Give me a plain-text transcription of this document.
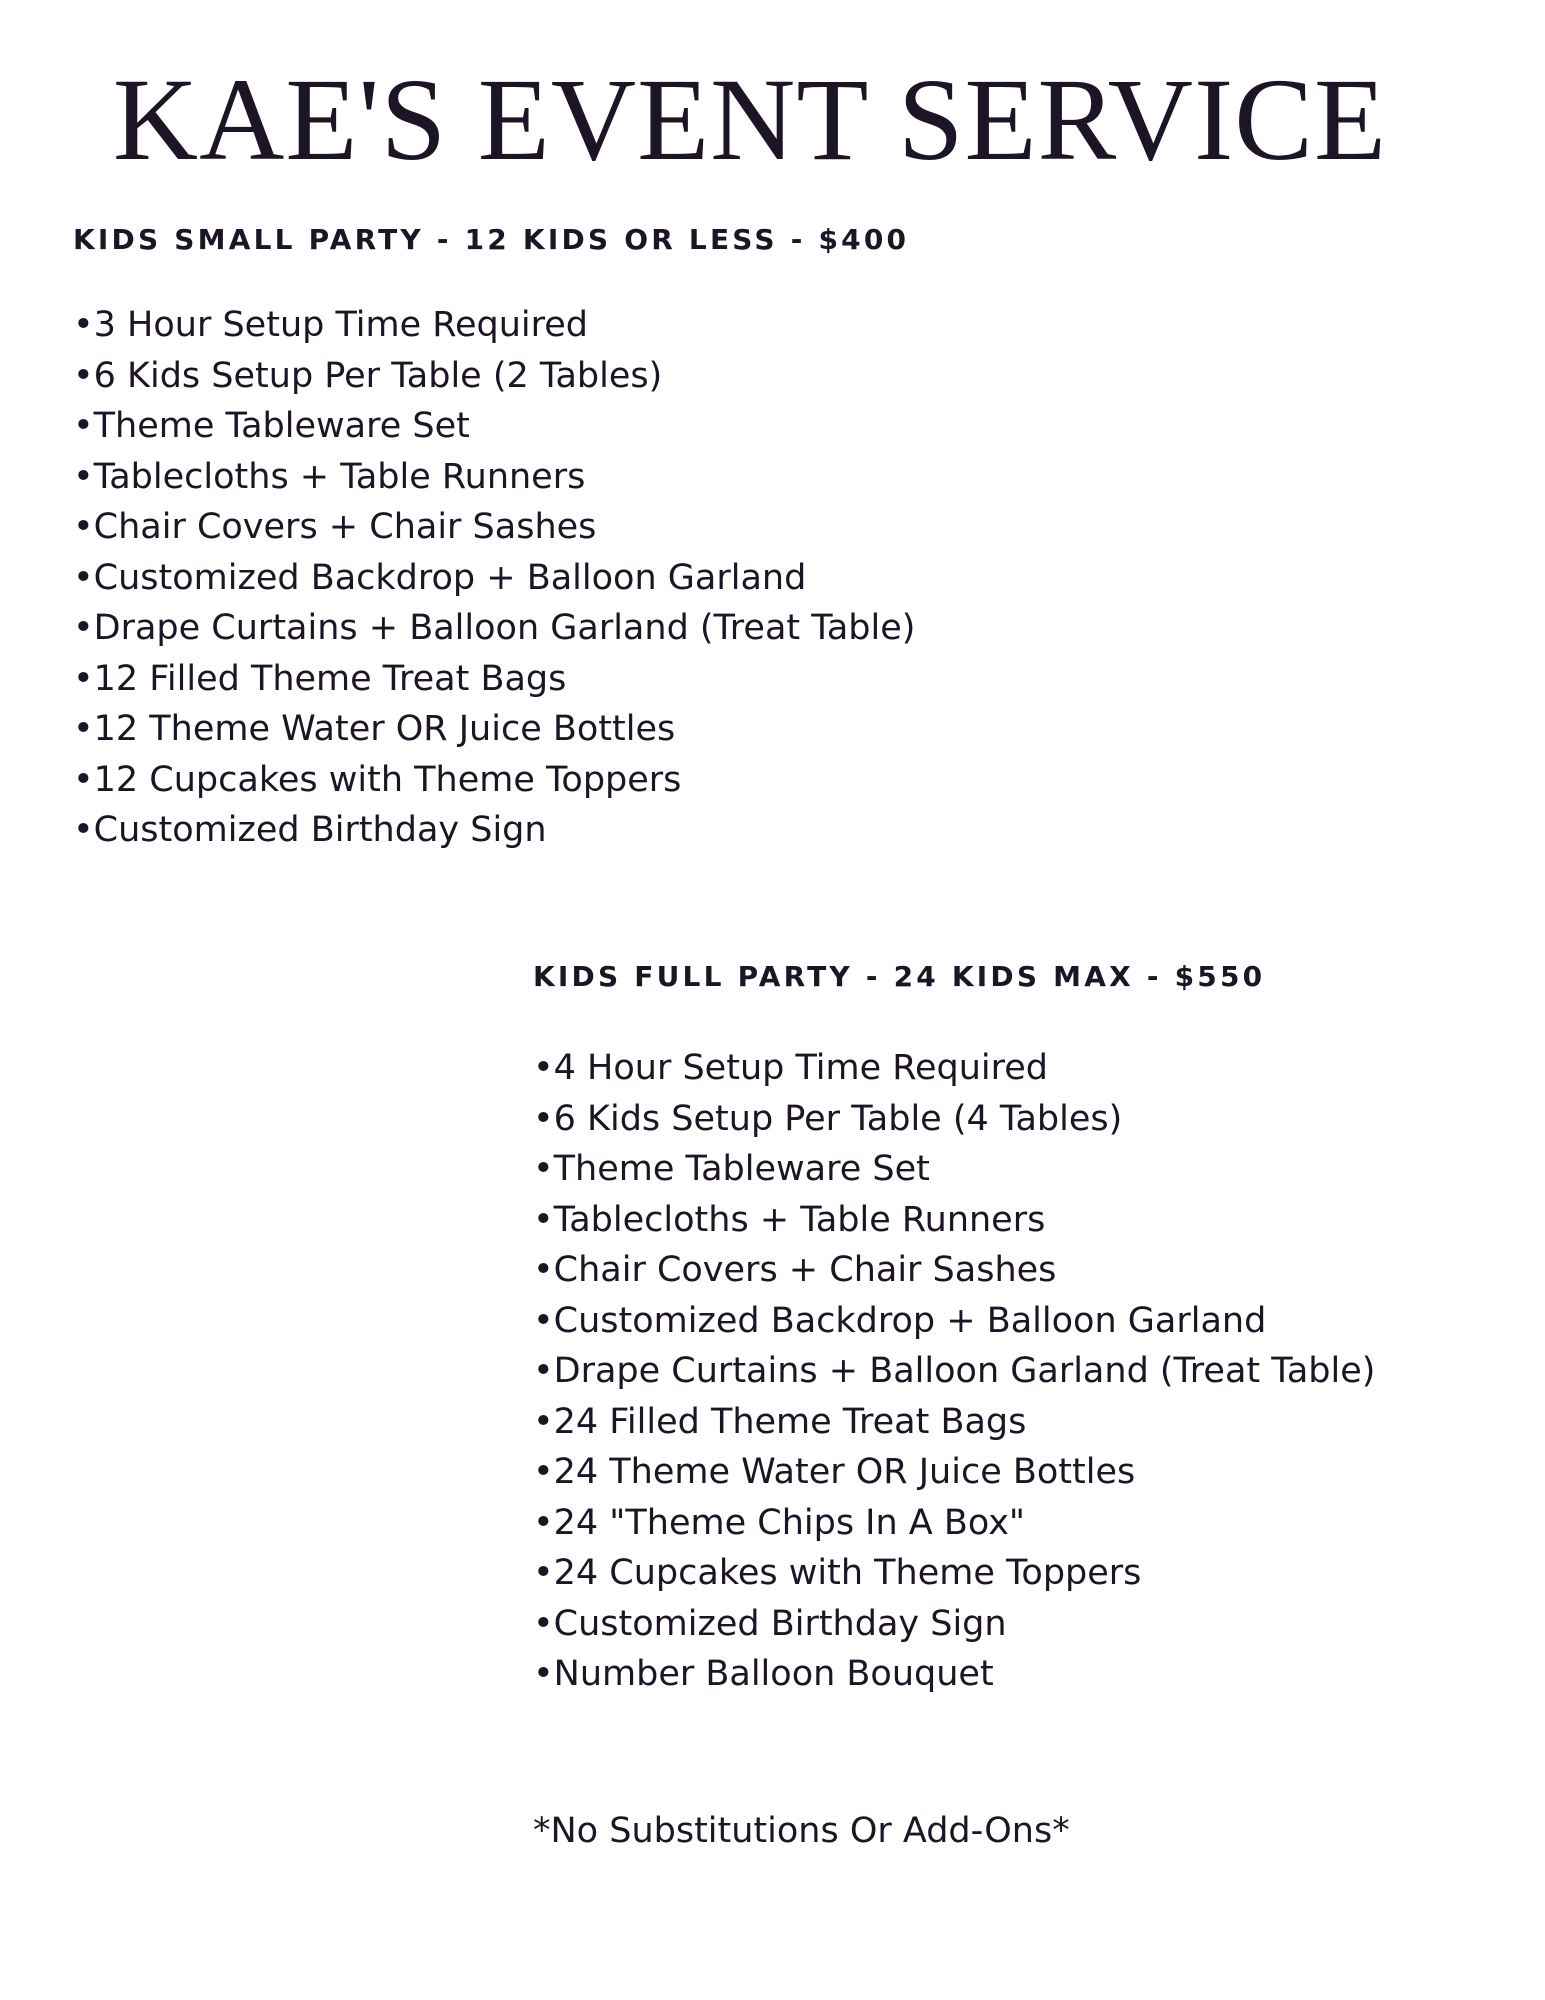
KAE'S EVENT SERVICE
KIDS SMALL PARTY - 12 KIDS OR LESS - $400
•3 Hour Setup Time Required
•6 Kids Setup Per Table (2 Tables)
•Theme Tableware Set
•Tablecloths + Table Runners
•Chair Covers + Chair Sashes
•Customized Backdrop + Balloon Garland
•Drape Curtains + Balloon Garland (Treat Table)
•12 Filled Theme Treat Bags
•12 Theme Water OR Juice Bottles
•12 Cupcakes with Theme Toppers
•Customized Birthday Sign
KIDS FULL PARTY - 24 KIDS MAX - $550
•4 Hour Setup Time Required
•6 Kids Setup Per Table (4 Tables)
•Theme Tableware Set
•Tablecloths + Table Runners
•Chair Covers + Chair Sashes
•Customized Backdrop + Balloon Garland
•Drape Curtains + Balloon Garland (Treat Table)
•24 Filled Theme Treat Bags
•24 Theme Water OR Juice Bottles
•24 "Theme Chips In A Box"
•24 Cupcakes with Theme Toppers
•Customized Birthday Sign
•Number Balloon Bouquet

*No Substitutions Or Add-Ons*
